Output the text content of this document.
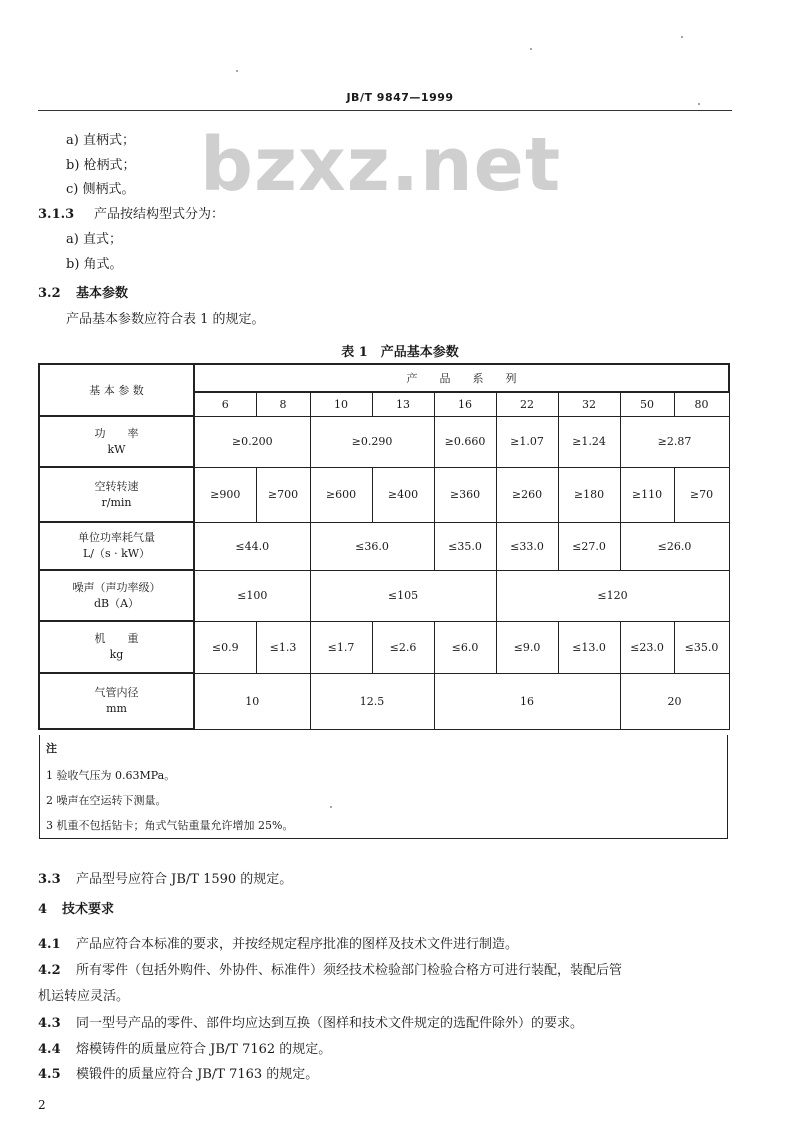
JB/T 9847—1999
bzxz.net
a) 直柄式；
b) 枪柄式；
c) 侧柄式。
3.1.3 产品按结构型式分为：
a) 直式；
b) 角式。
3.2 基本参数
产品基本参数应符合表 1 的规定。
表 1　产品基本参数
基 本 参 数	产　　品　　系　　列								
	6	8	10	13	16	22	32	50	80

功　　率
kW	≥0.200		≥0.290		≥0.660	≥1.07	≥1.24	≥2.87	

空转转速
r/min	≥900	≥700	≥600	≥400	≥360	≥260	≥180	≥110	≥70

单位功率耗气量
L/（s · kW）	≤44.0		≤36.0		≤35.0	≤33.0	≤27.0	≤26.0	

噪声（声功率级）
dB（A）	≤100		≤105			≤120			

机　　重
kg	≤0.9	≤1.3	≤1.7	≤2.6	≤6.0	≤9.0	≤13.0	≤23.0	≤35.0

气管内径
mm	10		12.5		16			20	
注
1 验收气压为 0.63MPa。
2 噪声在空运转下测量。
3 机重不包括钻卡；角式气钻重量允许增加 25%。
3.3 产品型号应符合 JB/T 1590 的规定。
4 技术要求
4.1 产品应符合本标准的要求，并按经规定程序批准的图样及技术文件进行制造。
4.2 所有零件（包括外购件、外协件、标准件）须经技术检验部门检验合格方可进行装配，装配后管
机运转应灵活。
4.3 同一型号产品的零件、部件均应达到互换（图样和技术文件规定的选配件除外）的要求。
4.4 熔模铸件的质量应符合 JB/T 7162 的规定。
4.5 模锻件的质量应符合 JB/T 7163 的规定。
2
